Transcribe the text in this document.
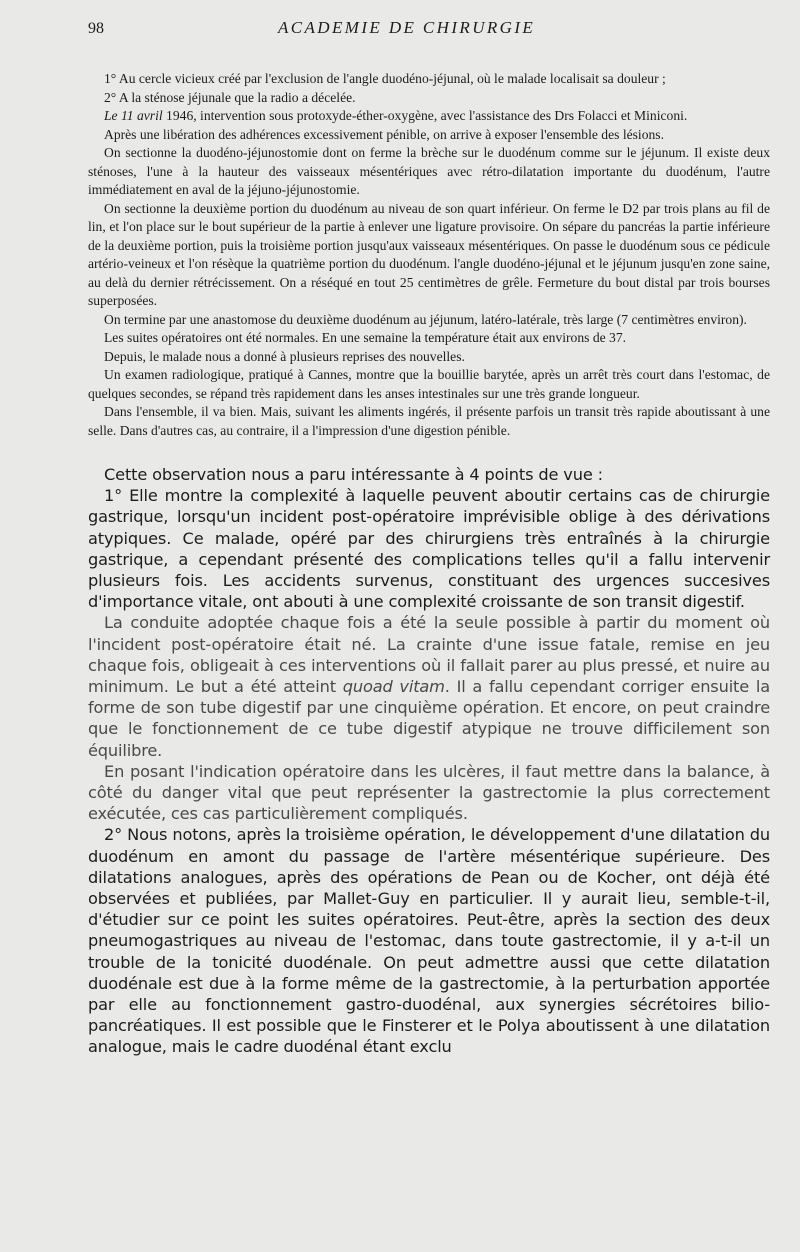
98	ACADEMIE DE CHIRURGIE

1° Au cercle vicieux créé par l'exclusion de l'angle duodéno-jéjunal, où le malade localisait sa douleur ;

2° A la sténose jéjunale que la radio a décelée.

Le 11 avril 1946, intervention sous protoxyde-éther-oxygène, avec l'assistance des Drs Folacci et Miniconi.

Après une libération des adhérences excessivement pénible, on arrive à exposer l'ensemble des lésions.

On sectionne la duodéno-jéjunostomie dont on ferme la brèche sur le duodénum comme sur le jéjunum. Il existe deux sténoses, l'une à la hauteur des vaisseaux mésentériques avec rétro-dilatation importante du duodénum, l'autre immédiatement en aval de la jéjuno-jéjunostomie.

On sectionne la deuxième portion du duodénum au niveau de son quart inférieur. On ferme le D2 par trois plans au fil de lin, et l'on place sur le bout supérieur de la partie à enlever une ligature provisoire. On sépare du pancréas la partie inférieure de la deuxième portion, puis la troisième portion jusqu'aux vaisseaux mésentériques. On passe le duodénum sous ce pédicule artério-veineux et l'on résèque la quatrième portion du duodénum. l'angle duodéno-jéjunal et le jéjunum jusqu'en zone saine, au delà du dernier rétrécissement. On a réséqué en tout 25 centimètres de grêle. Fermeture du bout distal par trois bourses superposées.

On termine par une anastomose du deuxième duodénum au jéjunum, latéro-latérale, très large (7 centimètres environ).

Les suites opératoires ont été normales. En une semaine la température était aux environs de 37.

Depuis, le malade nous a donné à plusieurs reprises des nouvelles.

Un examen radiologique, pratiqué à Cannes, montre que la bouillie barytée, après un arrêt très court dans l'estomac, de quelques secondes, se répand très rapidement dans les anses intestinales sur une très grande longueur.

Dans l'ensemble, il va bien. Mais, suivant les aliments ingérés, il présente parfois un transit très rapide aboutissant à une selle. Dans d'autres cas, au contraire, il a l'impression d'une digestion pénible.

Cette observation nous a paru intéressante à 4 points de vue :

1° Elle montre la complexité à laquelle peuvent aboutir certains cas de chirurgie gastrique, lorsqu'un incident post-opératoire imprévisible oblige à des dérivations atypiques. Ce malade, opéré par des chirurgiens très entraînés à la chirurgie gastrique, a cependant présenté des complications telles qu'il a fallu intervenir plusieurs fois. Les accidents survenus, constituant des urgences succesives d'importance vitale, ont abouti à une complexité croissante de son transit digestif.

La conduite adoptée chaque fois a été la seule possible à partir du moment où l'incident post-opératoire était né. La crainte d'une issue fatale, remise en jeu chaque fois, obligeait à ces interventions où il fallait parer au plus pressé, et nuire au minimum. Le but a été atteint quoad vitam. Il a fallu cependant corriger ensuite la forme de son tube digestif par une cinquième opération. Et encore, on peut craindre que le fonctionnement de ce tube digestif atypique ne trouve difficilement son équilibre.

En posant l'indication opératoire dans les ulcères, il faut mettre dans la balance, à côté du danger vital que peut représenter la gastrectomie la plus correctement exécutée, ces cas particulièrement compliqués.

2° Nous notons, après la troisième opération, le développement d'une dilatation du duodénum en amont du passage de l'artère mésentérique supérieure. Des dilatations analogues, après des opérations de Pean ou de Kocher, ont déjà été observées et publiées, par Mallet-Guy en particulier. Il y aurait lieu, semble-t-il, d'étudier sur ce point les suites opératoires. Peut-être, après la section des deux pneumogastriques au niveau de l'estomac, dans toute gastrectomie, il y a-t-il un trouble de la tonicité duodénale. On peut admettre aussi que cette dilatation duodénale est due à la forme même de la gastrectomie, à la perturbation apportée par elle au fonctionnement gastro-duodénal, aux synergies sécrétoires bilio-pancréatiques. Il est possible que le Finsterer et le Polya aboutissent à une dilatation analogue, mais le cadre duodénal étant exclu
